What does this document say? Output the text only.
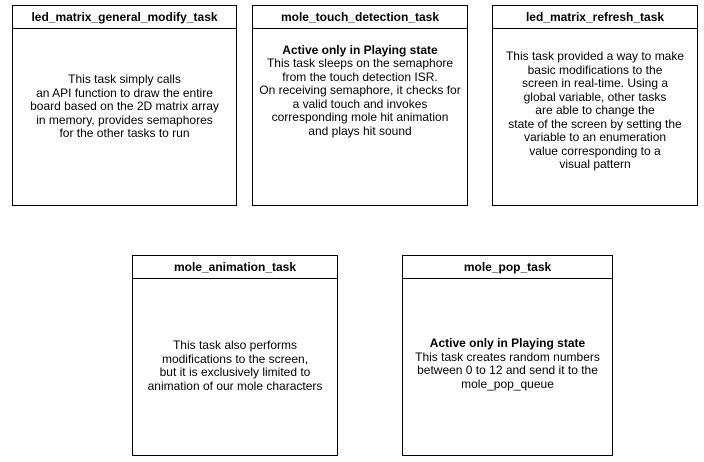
led_matrix_general_modify_task
This task simply calls
an API function to draw the entire
board based on the 2D matrix array
in memory, provides semaphores
for the other tasks to run
mole_touch_detection_task
Active only in Playing state
This task sleeps on the semaphore
from the touch detection ISR.
On receiving semaphore, it checks for
a valid touch and invokes
corresponding mole hit animation
and plays hit sound
led_matrix_refresh_task
This task provided a way to make
basic modifications to the
screen in real-time. Using a
global variable, other tasks
are able to change the
state of the screen by setting the
variable to an enumeration
value corresponding to a
visual pattern
mole_animation_task
This task also performs
modifications to the screen,
but it is exclusively limited to
animation of our mole characters
mole_pop_task
Active only in Playing state
This task creates random numbers
between 0 to 12 and send it to the
mole_pop_queue
